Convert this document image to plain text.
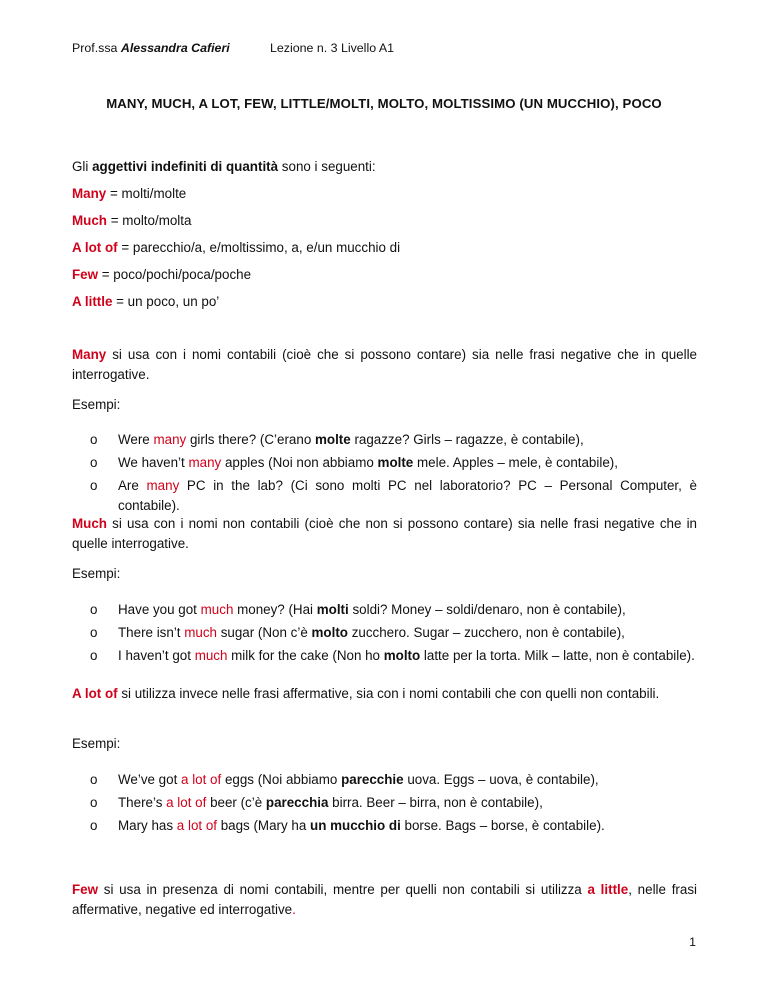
Prof.ssa Alessandra Cafieri	Lezione n. 3 Livello A1
MANY, MUCH, A LOT, FEW, LITTLE/MOLTI, MOLTO, MOLTISSIMO (UN MUCCHIO), POCO
Gli aggettivi indefiniti di quantità sono i seguenti:
Many = molti/molte
Much = molto/molta
A lot of = parecchio/a, e/moltissimo, a, e/un mucchio di
Few = poco/pochi/poca/poche
A little = un poco, un po’
Many si usa con i nomi contabili (cioè che si possono contare) sia nelle frasi negative che in quelle interrogative.
Esempi:
o Were many girls there? (C’erano molte ragazze? Girls – ragazze, è contabile),
o We haven’t many apples (Noi non abbiamo molte mele. Apples – mele, è contabile),
o Are many PC in the lab? (Ci sono molti PC nel laboratorio? PC – Personal Computer, è contabile).
Much si usa con i nomi non contabili (cioè che non si possono contare) sia nelle frasi negative che in quelle interrogative.
Esempi:
o Have you got much money? (Hai molti soldi? Money – soldi/denaro, non è contabile),
o There isn’t much sugar (Non c’è molto zucchero. Sugar – zucchero, non è contabile),
o I haven’t got much milk for the cake (Non ho molto latte per la torta. Milk – latte, non è contabile).
A lot of si utilizza invece nelle frasi affermative, sia con i nomi contabili che con quelli non contabili.
Esempi:
o We’ve got a lot of eggs (Noi abbiamo parecchie uova. Eggs – uova, è contabile),
o There’s a lot of beer (c’è parecchia birra. Beer – birra, non è contabile),
o Mary has a lot of bags (Mary ha un mucchio di borse. Bags – borse, è contabile).
Few si usa in presenza di nomi contabili, mentre per quelli non contabili si utilizza a little, nelle frasi affermative, negative ed interrogative.
1
